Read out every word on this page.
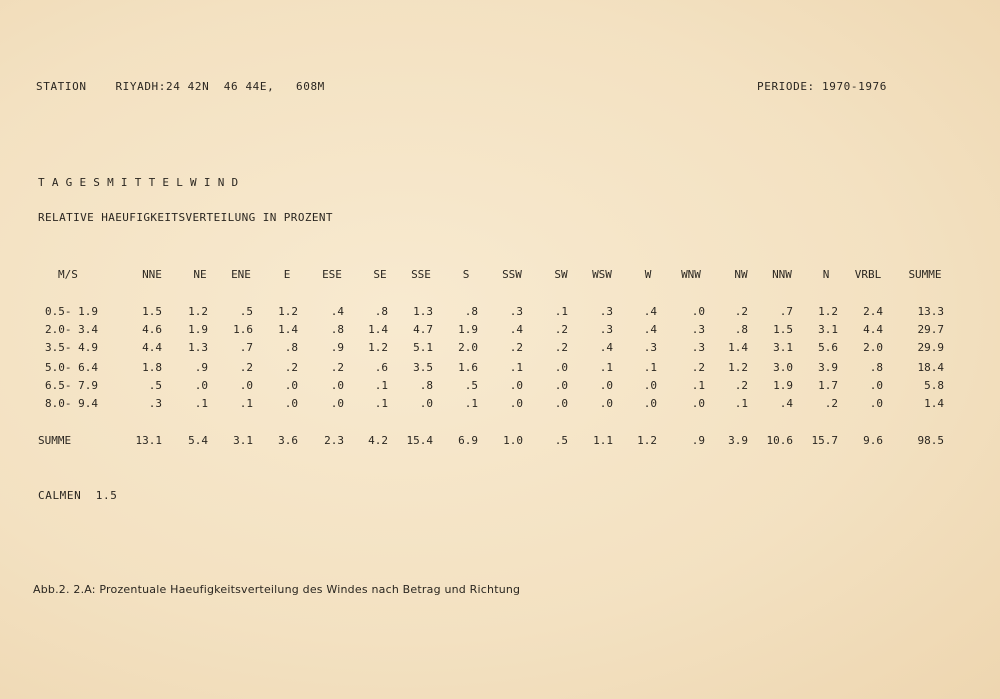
STATION    RIYADH:24 42N  46 44E,   608M	PERIODE: 1970-1976
TAGESMITTELWIND
RELATIVE HAEUFIGKEITSVERTEILUNG IN PROZENT
M/S	NNE	NE	ENE	E	ESE	SE	SSE	S	SSW	SW	WSW	W	WNW	NW	NNW	N	VRBL	SUMME
0.5- 1.9	1.5	1.2	.5	1.2	.4	.8	1.3	.8	.3	.1	.3	.4	.0	.2	.7	1.2	2.4	13.3
2.0- 3.4	4.6	1.9	1.6	1.4	.8	1.4	4.7	1.9	.4	.2	.3	.4	.3	.8	1.5	3.1	4.4	29.7
3.5- 4.9	4.4	1.3	.7	.8	.9	1.2	5.1	2.0	.2	.2	.4	.3	.3	1.4	3.1	5.6	2.0	29.9
5.0- 6.4	1.8	.9	.2	.2	.2	.6	3.5	1.6	.1	.0	.1	.1	.2	1.2	3.0	3.9	.8	18.4
6.5- 7.9	.5	.0	.0	.0	.0	.1	.8	.5	.0	.0	.0	.0	.1	.2	1.9	1.7	.0	5.8
8.0- 9.4	.3	.1	.1	.0	.0	.1	.0	.1	.0	.0	.0	.0	.0	.1	.4	.2	.0	1.4
SUMME	13.1	5.4	3.1	3.6	2.3	4.2	15.4	6.9	1.0	.5	1.1	1.2	.9	3.9	10.6	15.7	9.6	98.5
CALMEN  1.5
Abb.2. 2.A: Prozentuale Haeufigkeitsverteilung des Windes nach Betrag und Richtung
